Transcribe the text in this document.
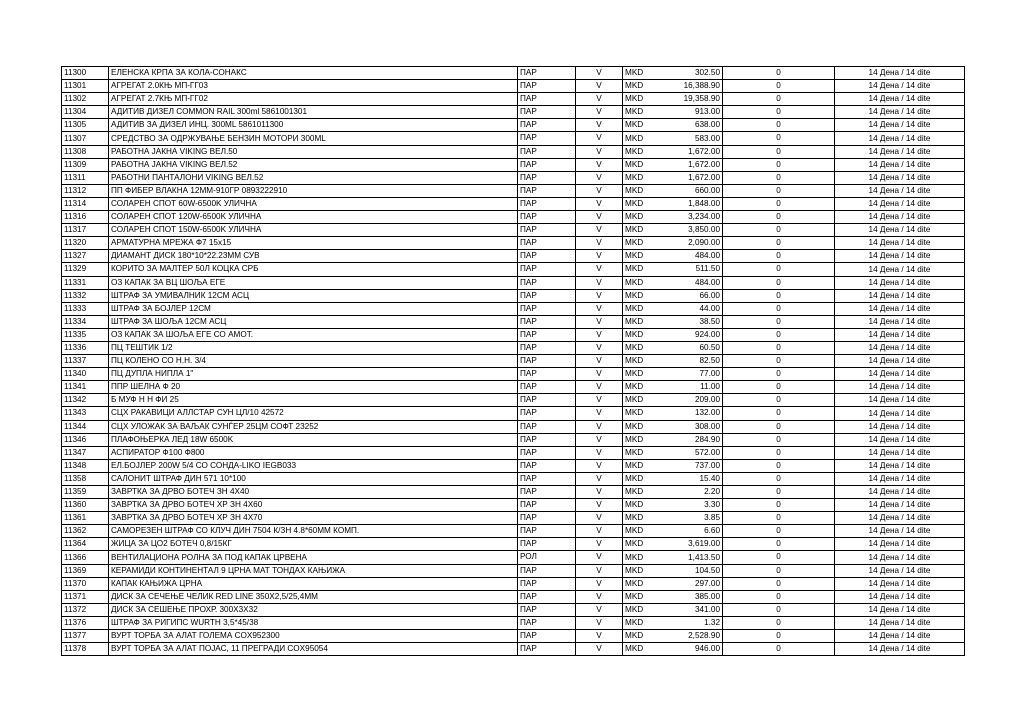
11300	ЕЛЕНСКА КРПА ЗА КОЛА-СОНАКС	ПАР	V	MKD	302.50	0	14 Дена / 14 dite
11301	АГРЕГАТ 2.0КЊ МП-ГГ03	ПАР	V	MKD	16,388.90	0	14 Дена / 14 dite
11302	АГРЕГАТ 2.7КЊ МП-ГГ02	ПАР	V	MKD	19,358.90	0	14 Дена / 14 dite
11304	АДИТИВ ДИЗЕЛ COMMON RAIL 300ml 5861001301	ПАР	V	MKD	913.00	0	14 Дена / 14 dite
11305	АДИТИВ ЗА ДИЗЕЛ ИНЦ. 300ML 5861011300	ПАР	V	MKD	638.00	0	14 Дена / 14 dite
11307	СРЕДСТВО ЗА ОДРЖУВАЊЕ БЕНЗИН МОТОРИ 300ML	ПАР	V	MKD	583.00	0	14 Дена / 14 dite
11308	РАБОТНА ЈАКНА VIKING ВЕЛ.50	ПАР	V	MKD	1,672.00	0	14 Дена / 14 dite
11309	РАБОТНА ЈАКНА VIKING ВЕЛ.52	ПАР	V	MKD	1,672.00	0	14 Дена / 14 dite
11311	РАБОТНИ ПАНТАЛОНИ VIKING ВЕЛ.52	ПАР	V	MKD	1,672.00	0	14 Дена / 14 dite
11312	ПП ФИБЕР ВЛАКНА 12ММ-910ГР 0893222910	ПАР	V	MKD	660.00	0	14 Дена / 14 dite
11314	СОЛАРЕН СПОТ 60W-6500K УЛИЧНА	ПАР	V	MKD	1,848.00	0	14 Дена / 14 dite
11316	СОЛАРЕН СПОТ 120W-6500K УЛИЧНА	ПАР	V	MKD	3,234.00	0	14 Дена / 14 dite
11317	СОЛАРЕН СПОТ 150W-6500K УЛИЧНА	ПАР	V	MKD	3,850.00	0	14 Дена / 14 dite
11320	АРМАТУРНА МРЕЖА Ф7 15x15	ПАР	V	MKD	2,090.00	0	14 Дена / 14 dite
11327	ДИАМАНТ ДИСК 180*10*22.23ММ СУВ	ПАР	V	MKD	484.00	0	14 Дена / 14 dite
11329	КОРИТО ЗА МАЛТЕР 50Л КОЦКА СРБ	ПАР	V	MKD	511.50	0	14 Дена / 14 dite
11331	ОЗ КАПАК ЗА ВЦ ШОЉА ЕГЕ	ПАР	V	MKD	484.00	0	14 Дена / 14 dite
11332	ШТРАФ ЗА УМИВАЛНИК 12СМ АСЦ	ПАР	V	MKD	66.00	0	14 Дена / 14 dite
11333	ШТРАФ ЗА БОЈЛЕР 12СМ	ПАР	V	MKD	44.00	0	14 Дена / 14 dite
11334	ШТРАФ ЗА ШОЉА 12СМ АСЦ	ПАР	V	MKD	38.50	0	14 Дена / 14 dite
11335	ОЗ КАПАК ЗА ШОЉА ЕГЕ СО АМОТ.	ПАР	V	MKD	924.00	0	14 Дена / 14 dite
11336	ПЦ ТЕШТИК 1/2	ПАР	V	MKD	60.50	0	14 Дена / 14 dite
11337	ПЦ КОЛЕНО СО Н.Н. 3/4	ПАР	V	MKD	82.50	0	14 Дена / 14 dite
11340	ПЦ ДУПЛА НИПЛА 1"	ПАР	V	MKD	77.00	0	14 Дена / 14 dite
11341	ППР ШЕЛНА Ф 20	ПАР	V	MKD	11.00	0	14 Дена / 14 dite
11342	Б МУФ Н Н ФИ 25	ПАР	V	MKD	209.00	0	14 Дена / 14 dite
11343	СЦХ РАКАВИЦИ АЛЛСТАР СУН ЦЛ/10 42572	ПАР	V	MKD	132.00	0	14 Дена / 14 dite
11344	СЦХ УЛОЖАК ЗА ВАЉАК СУНЃЕР 25ЦМ СОФТ 23252	ПАР	V	MKD	308.00	0	14 Дена / 14 dite
11346	ПЛАФОЊЕРКА ЛЕД 18W 6500K	ПАР	V	MKD	284.90	0	14 Дена / 14 dite
11347	АСПИРАТОР Ф100 Ф800	ПАР	V	MKD	572.00	0	14 Дена / 14 dite
11348	ЕЛ.БОЈЛЕР 200W 5/4 СО СОНДА-LIKO IEGB033	ПАР	V	MKD	737.00	0	14 Дена / 14 dite
11358	САЛОНИТ ШТРАФ ДИН 571 10*100	ПАР	V	MKD	15.40	0	14 Дена / 14 dite
11359	ЗАВРТКА ЗА ДРВО БОТЕЧ ЗН 4X40	ПАР	V	MKD	2.20	0	14 Дена / 14 dite
11360	ЗАВРТКА ЗА ДРВО БОТЕЧ ХР ЗН 4X60	ПАР	V	MKD	3.30	0	14 Дена / 14 dite
11361	ЗАВРТКА ЗА ДРВО БОТЕЧ ХР ЗН 4X70	ПАР	V	MKD	3.85	0	14 Дена / 14 dite
11362	САМОРЕЗЕН ШТРАФ СО КЛУЧ ДИН 7504 К/ЗН 4.8*60ММ КОМП.	ПАР	V	MKD	6.60	0	14 Дена / 14 dite
11364	ЖИЦА ЗА ЦО2 БОТЕЧ 0,8/15КГ	ПАР	V	MKD	3,619.00	0	14 Дена / 14 dite
11366	ВЕНТИЛАЦИОНА РОЛНА ЗА ПОД КАПАК ЦРВЕНА	РОЛ	V	MKD	1,413.50	0	14 Дена / 14 dite
11369	КЕРАМИДИ КОНТИНЕНТАЛ 9 ЦРНА МАТ ТОНДАХ КАЊИЖА	ПАР	V	MKD	104.50	0	14 Дена / 14 dite
11370	КАПАК КАЊИЖА ЦРНА	ПАР	V	MKD	297.00	0	14 Дена / 14 dite
11371	ДИСК ЗА СЕЧЕЊЕ ЧЕЛИК RED LINE 350X2,5/25,4ММ	ПАР	V	MKD	385.00	0	14 Дена / 14 dite
11372	ДИСК ЗА СЕШЕЊЕ ПРОХР. 300X3X32	ПАР	V	MKD	341.00	0	14 Дена / 14 dite
11376	ШТРАФ ЗА РИГИПС WURTH 3,5*45/38	ПАР	V	MKD	1.32	0	14 Дена / 14 dite
11377	ВУРТ ТОРБА ЗА АЛАТ ГОЛЕМА COX952300	ПАР	V	MKD	2,528.90	0	14 Дена / 14 dite
11378	ВУРТ ТОРБА ЗА АЛАТ ПОЈАС, 11 ПРЕГРАДИ COX95054	ПАР	V	MKD	946.00	0	14 Дена / 14 dite
